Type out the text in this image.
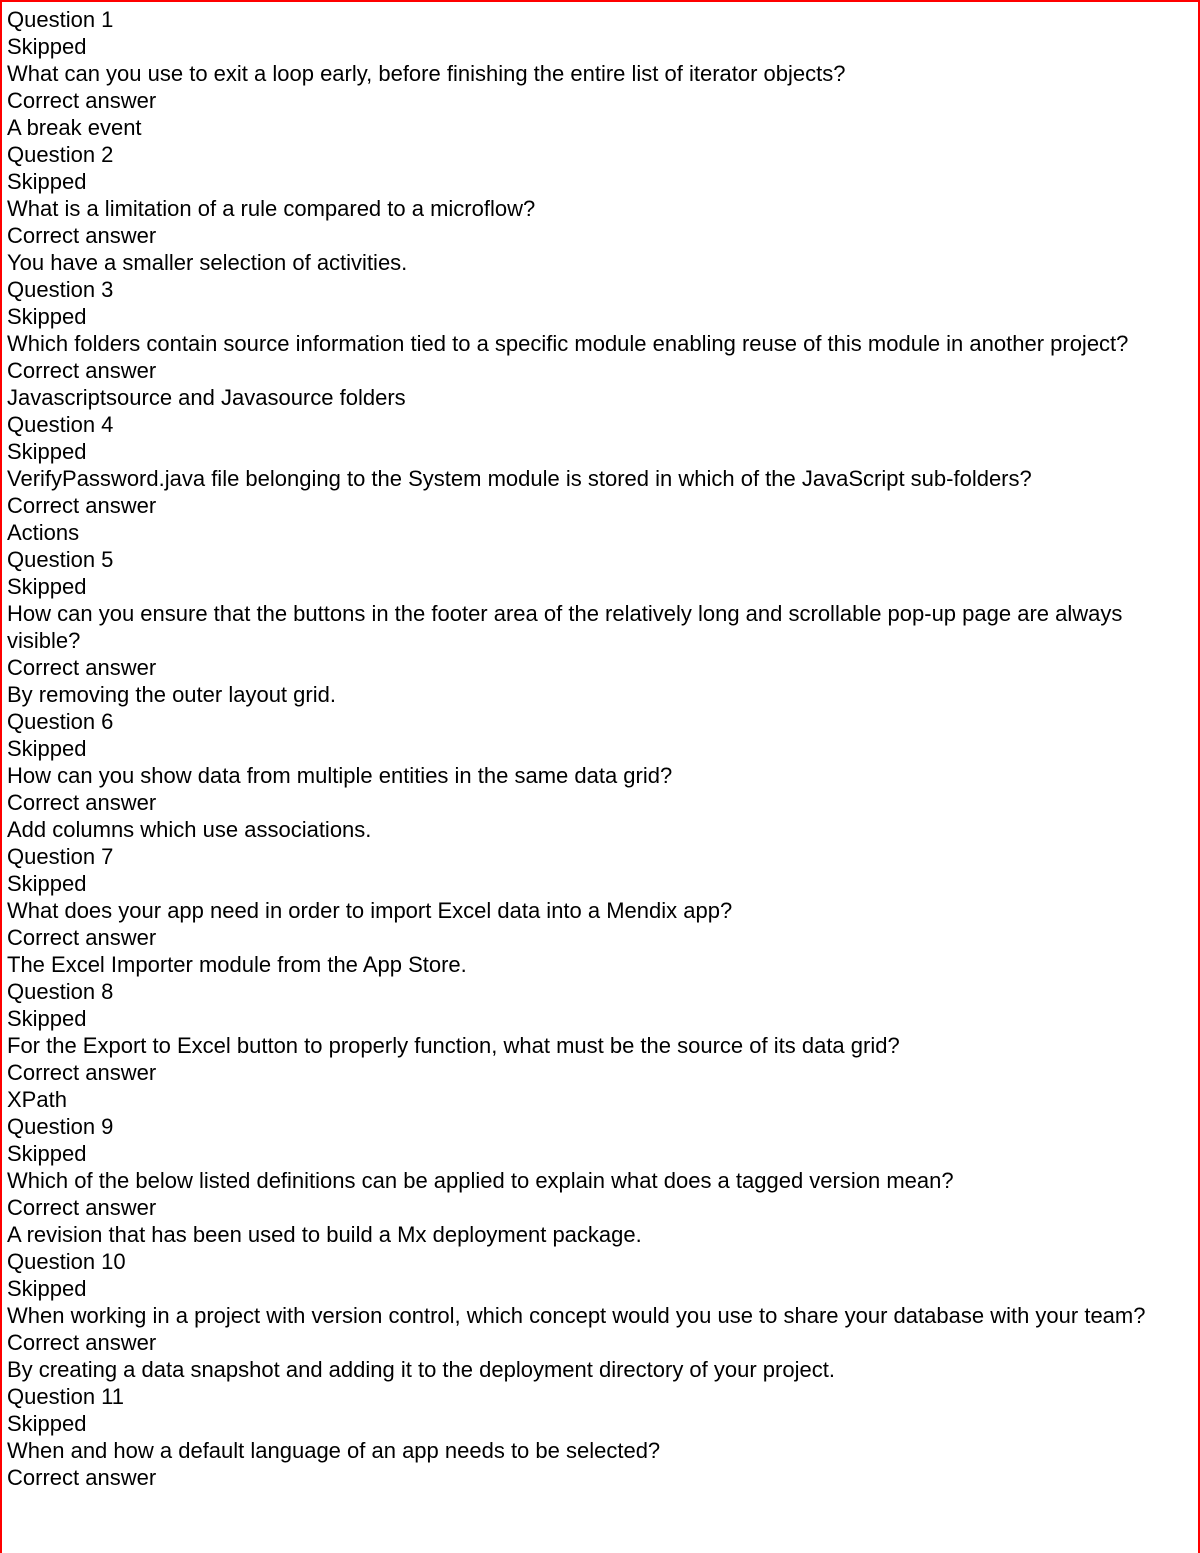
Question 1
Skipped
What can you use to exit a loop early, before finishing the entire list of iterator objects?
Correct answer
A break event
Question 2
Skipped
What is a limitation of a rule compared to a microflow?
Correct answer
You have a smaller selection of activities.
Question 3
Skipped
Which folders contain source information tied to a specific module enabling reuse of this module in another project?
Correct answer
Javascriptsource and Javasource folders
Question 4
Skipped
VerifyPassword.java file belonging to the System module is stored in which of the JavaScript sub-folders?
Correct answer
Actions
Question 5
Skipped
How can you ensure that the buttons in the footer area of the relatively long and scrollable pop-up page are always visible?
Correct answer
By removing the outer layout grid.
Question 6
Skipped
How can you show data from multiple entities in the same data grid?
Correct answer
Add columns which use associations.
Question 7
Skipped
What does your app need in order to import Excel data into a Mendix app?
Correct answer
The Excel Importer module from the App Store.
Question 8
Skipped
For the Export to Excel button to properly function, what must be the source of its data grid?
Correct answer
XPath
Question 9
Skipped
Which of the below listed definitions can be applied to explain what does a tagged version mean?
Correct answer
A revision that has been used to build a Mx deployment package.
Question 10
Skipped
When working in a project with version control, which concept would you use to share your database with your team?
Correct answer
By creating a data snapshot and adding it to the deployment directory of your project.
Question 11
Skipped
When and how a default language of an app needs to be selected?
Correct answer
